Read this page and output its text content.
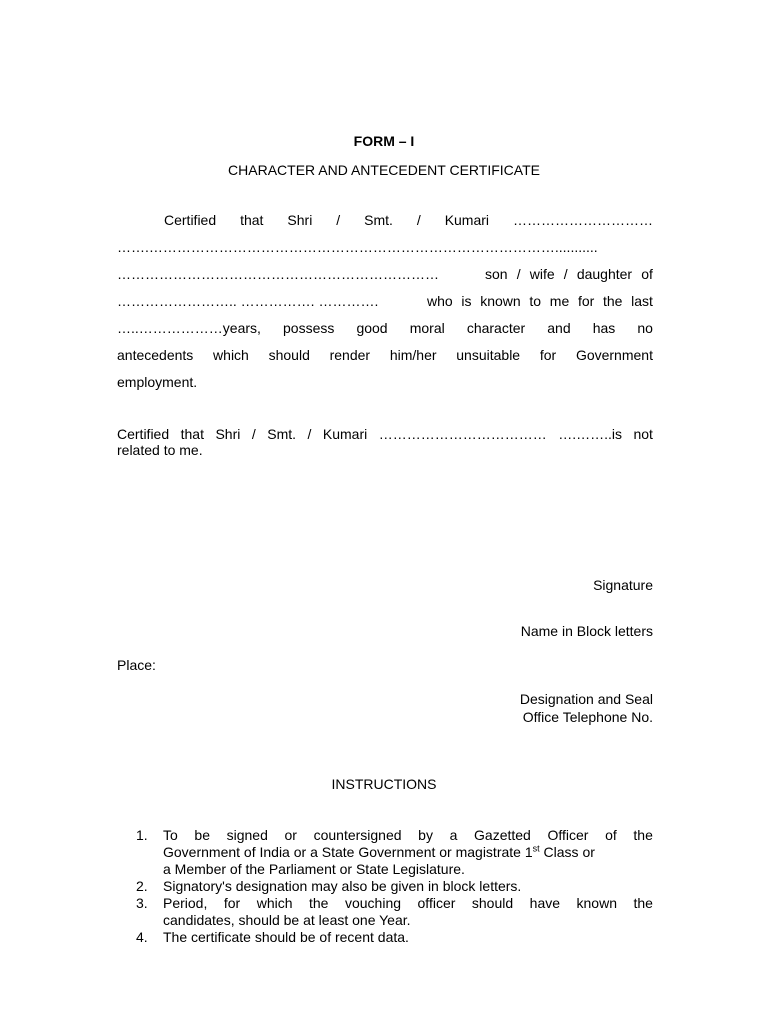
FORM – I
CHARACTER AND ANTECEDENT CERTIFICATE
Certified that Shri / Smt. / Kumari …………………………
…….……………………………………………………………………………...........
……………………………………………………………	son / wife / daughter of
…………………….. ……………. ………….	who is known to me for the last
…..………………years, possess good moral character and has no
antecedents which should render him/her unsuitable for Government
employment.
Certified that Shri / Smt. / Kumari ……………………………… ….……..is not
related to me.
Signature
Name in Block letters
Place:
Designation and Seal
Office Telephone No.
INSTRUCTIONS
1. To be signed or countersigned by a Gazetted Officer of the
Government of India or a State Government or magistrate 1st Class or
a Member of the Parliament or State Legislature.
2. Signatory's designation may also be given in block letters.
3. Period, for which the vouching officer should have known the
candidates, should be at least one Year.
4. The certificate should be of recent data.
